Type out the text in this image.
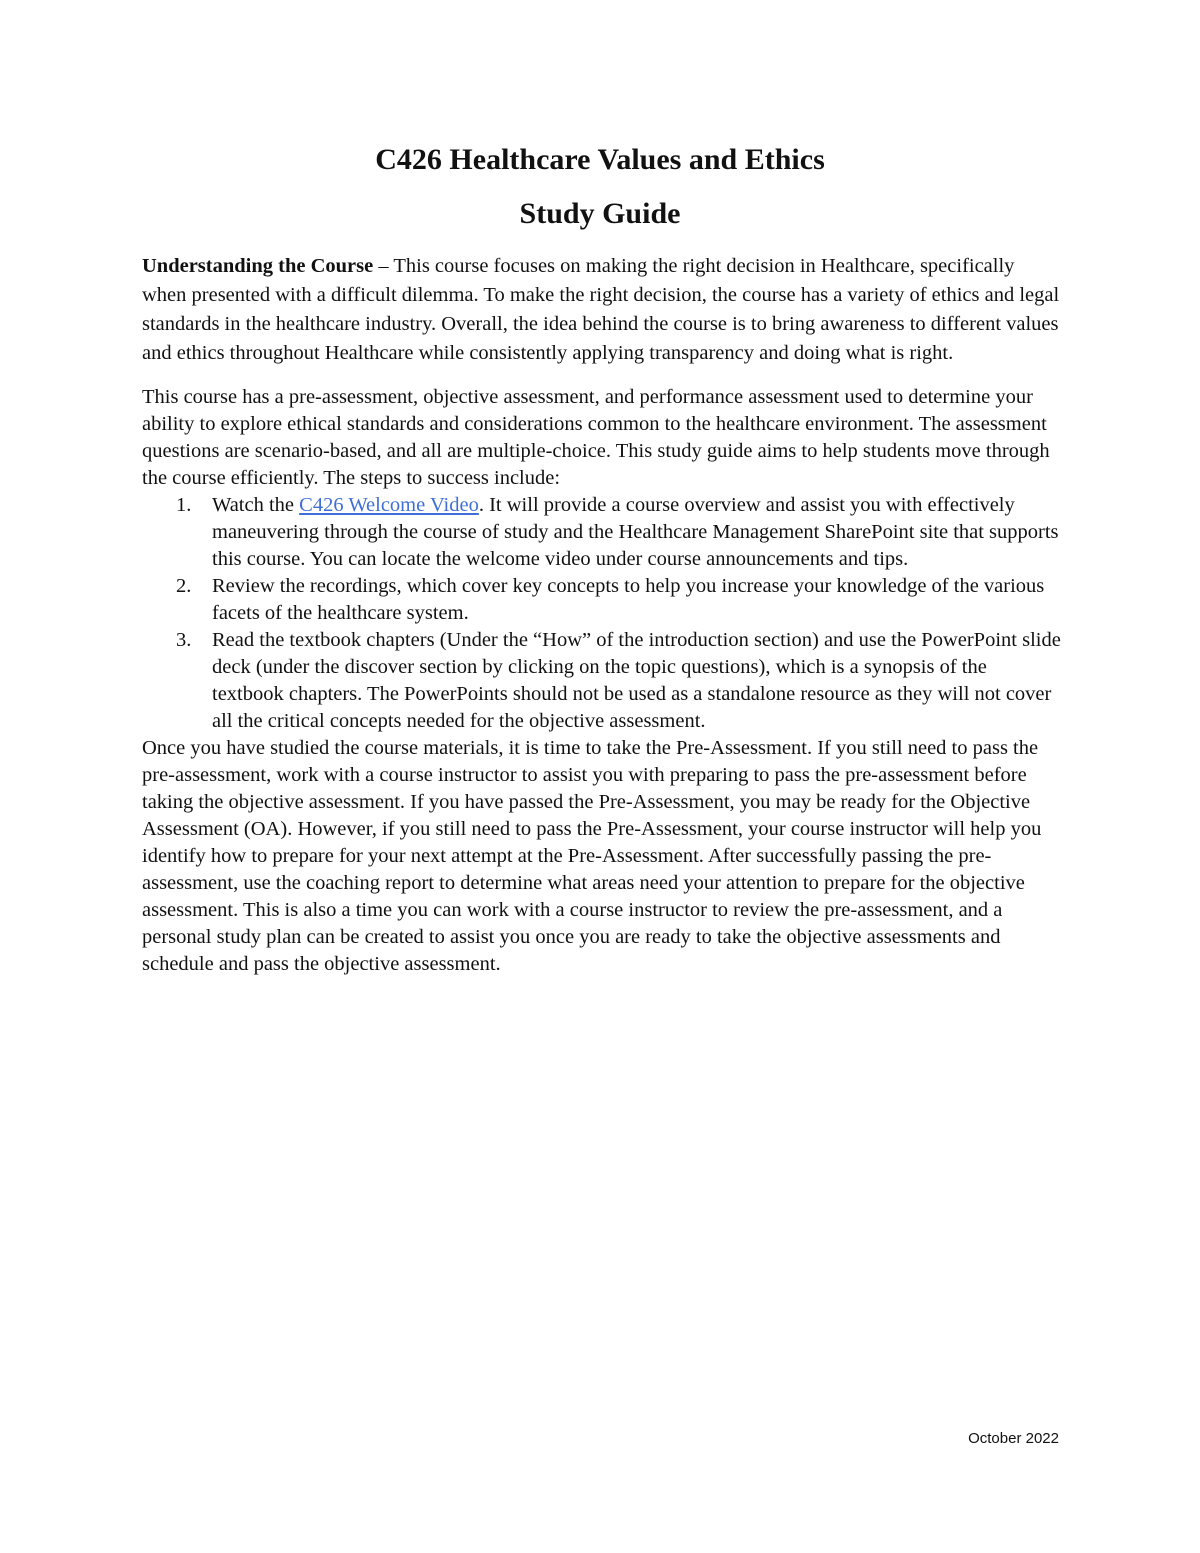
C426 Healthcare Values and Ethics
Study Guide

Understanding the Course – This course focuses on making the right decision in Healthcare, specifically when presented with a difficult dilemma. To make the right decision, the course has a variety of ethics and legal standards in the healthcare industry. Overall, the idea behind the course is to bring awareness to different values and ethics throughout Healthcare while consistently applying transparency and doing what is right.

This course has a pre-assessment, objective assessment, and performance assessment used to determine your ability to explore ethical standards and considerations common to the healthcare environment. The assessment questions are scenario-based, and all are multiple-choice. This study guide aims to help students move through the course efficiently. The steps to success include:

1. Watch the C426 Welcome Video. It will provide a course overview and assist you with effectively maneuvering through the course of study and the Healthcare Management SharePoint site that supports this course. You can locate the welcome video under course announcements and tips.
2. Review the recordings, which cover key concepts to help you increase your knowledge of the various facets of the healthcare system.
3. Read the textbook chapters (Under the “How” of the introduction section) and use the PowerPoint slide deck (under the discover section by clicking on the topic questions), which is a synopsis of the textbook chapters. The PowerPoints should not be used as a standalone resource as they will not cover all the critical concepts needed for the objective assessment.

Once you have studied the course materials, it is time to take the Pre-Assessment. If you still need to pass the pre-assessment, work with a course instructor to assist you with preparing to pass the pre-assessment before taking the objective assessment. If you have passed the Pre-Assessment, you may be ready for the Objective Assessment (OA). However, if you still need to pass the Pre-Assessment, your course instructor will help you identify how to prepare for your next attempt at the Pre-Assessment. After successfully passing the pre-assessment, use the coaching report to determine what areas need your attention to prepare for the objective assessment. This is also a time you can work with a course instructor to review the pre-assessment, and a personal study plan can be created to assist you once you are ready to take the objective assessments and schedule and pass the objective assessment.

October 2022
